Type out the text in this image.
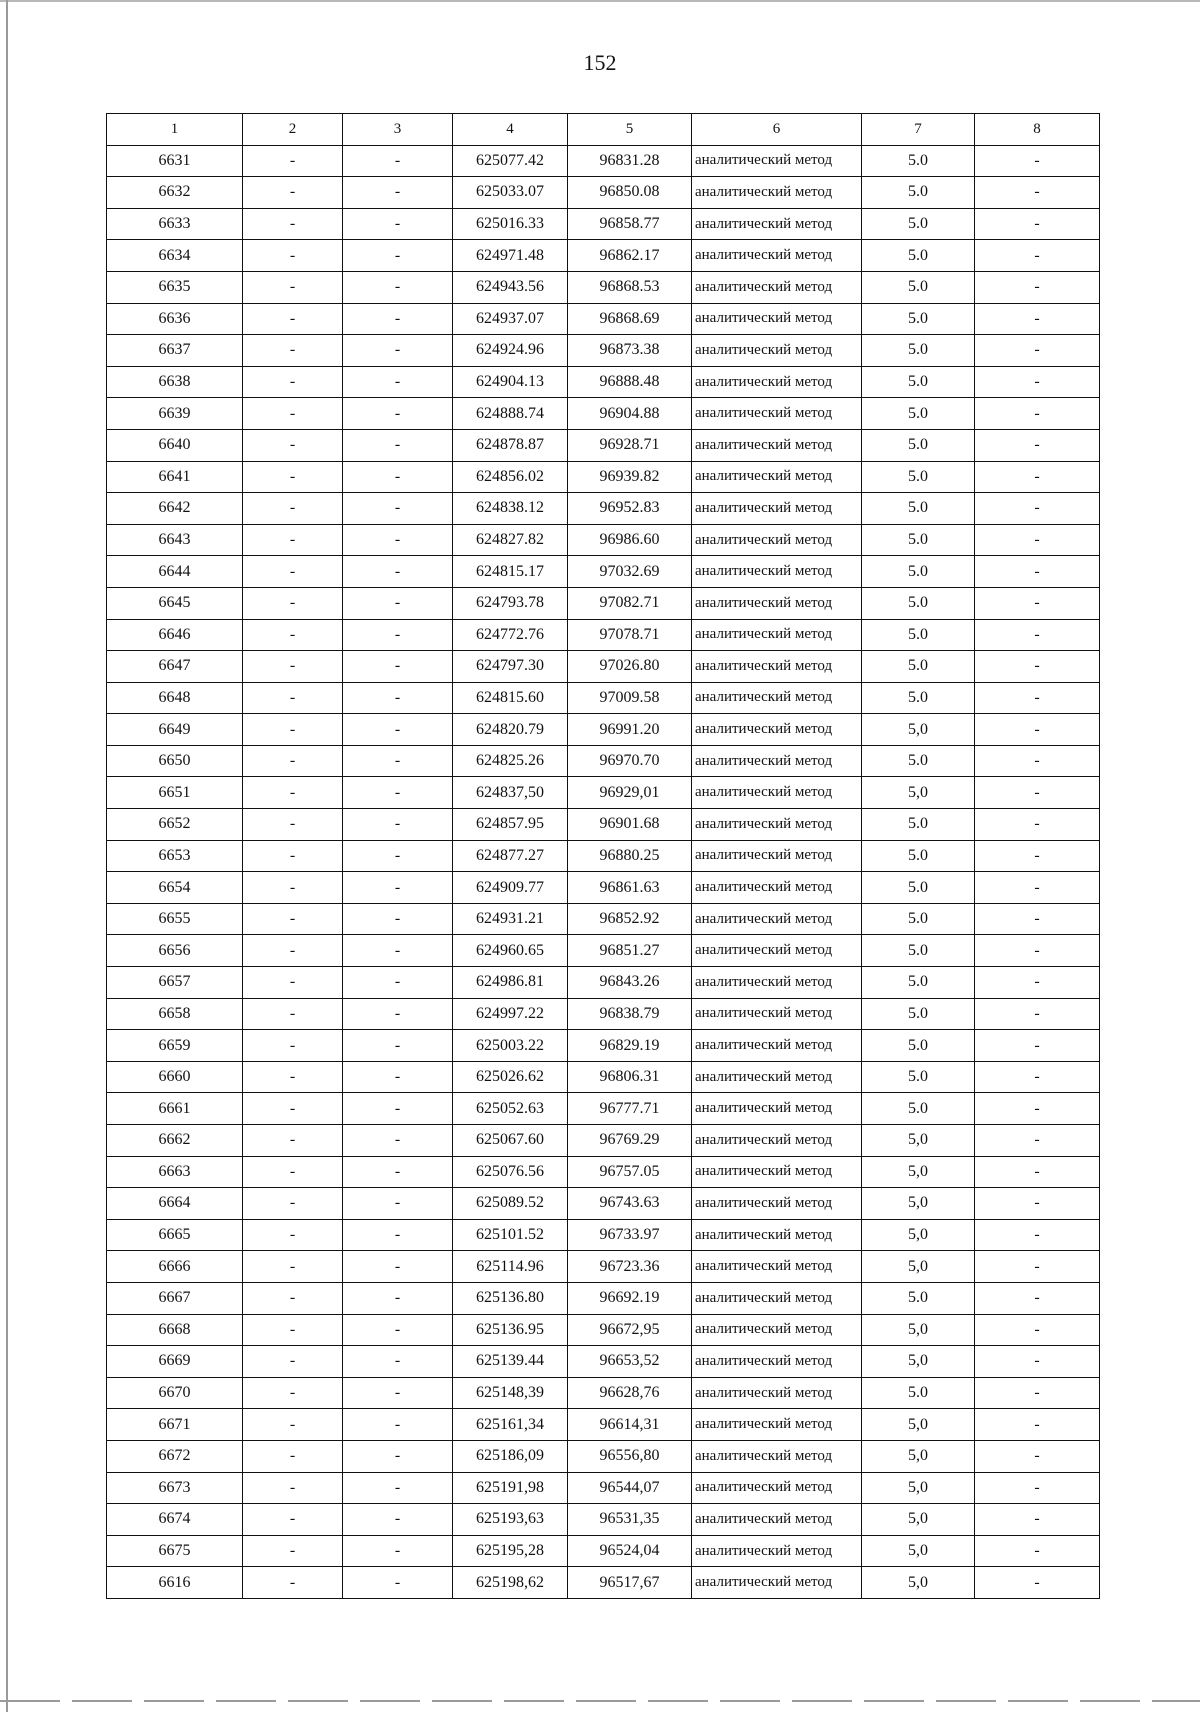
152
1	2	3	4	5	6	7	8
6631	-	-	625077.42	96831.28	аналитический метод	5.0	-
6632	-	-	625033.07	96850.08	аналитический метод	5.0	-
6633	-	-	625016.33	96858.77	аналитический метод	5.0	-
6634	-	-	624971.48	96862.17	аналитический метод	5.0	-
6635	-	-	624943.56	96868.53	аналитический метод	5.0	-
6636	-	-	624937.07	96868.69	аналитический метод	5.0	-
6637	-	-	624924.96	96873.38	аналитический метод	5.0	-
6638	-	-	624904.13	96888.48	аналитический метод	5.0	-
6639	-	-	624888.74	96904.88	аналитический метод	5.0	-
6640	-	-	624878.87	96928.71	аналитический метод	5.0	-
6641	-	-	624856.02	96939.82	аналитический метод	5.0	-
6642	-	-	624838.12	96952.83	аналитический метод	5.0	-
6643	-	-	624827.82	96986.60	аналитический метод	5.0	-
6644	-	-	624815.17	97032.69	аналитический метод	5.0	-
6645	-	-	624793.78	97082.71	аналитический метод	5.0	-
6646	-	-	624772.76	97078.71	аналитический метод	5.0	-
6647	-	-	624797.30	97026.80	аналитический метод	5.0	-
6648	-	-	624815.60	97009.58	аналитический метод	5.0	-
6649	-	-	624820.79	96991.20	аналитический метод	5,0	-
6650	-	-	624825.26	96970.70	аналитический метод	5.0	-
6651	-	-	624837,50	96929,01	аналитический метод	5,0	-
6652	-	-	624857.95	96901.68	аналитический метод	5.0	-
6653	-	-	624877.27	96880.25	аналитический метод	5.0	-
6654	-	-	624909.77	96861.63	аналитический метод	5.0	-
6655	-	-	624931.21	96852.92	аналитический метод	5.0	-
6656	-	-	624960.65	96851.27	аналитический метод	5.0	-
6657	-	-	624986.81	96843.26	аналитический метод	5.0	-
6658	-	-	624997.22	96838.79	аналитический метод	5.0	-
6659	-	-	625003.22	96829.19	аналитический метод	5.0	-
6660	-	-	625026.62	96806.31	аналитический метод	5.0	-
6661	-	-	625052.63	96777.71	аналитический метод	5.0	-
6662	-	-	625067.60	96769.29	аналитический метод	5,0	-
6663	-	-	625076.56	96757.05	аналитический метод	5,0	-
6664	-	-	625089.52	96743.63	аналитический метод	5,0	-
6665	-	-	625101.52	96733.97	аналитический метод	5,0	-
6666	-	-	625114.96	96723.36	аналитический метод	5,0	-
6667	-	-	625136.80	96692.19	аналитический метод	5.0	-
6668	-	-	625136.95	96672,95	аналитический метод	5,0	-
6669	-	-	625139.44	96653,52	аналитический метод	5,0	-
6670	-	-	625148,39	96628,76	аналитический метод	5.0	-
6671	-	-	625161,34	96614,31	аналитический метод	5,0	-
6672	-	-	625186,09	96556,80	аналитический метод	5,0	-
6673	-	-	625191,98	96544,07	аналитический метод	5,0	-
6674	-	-	625193,63	96531,35	аналитический метод	5,0	-
6675	-	-	625195,28	96524,04	аналитический метод	5,0	-
6616	-	-	625198,62	96517,67	аналитический метод	5,0	-
